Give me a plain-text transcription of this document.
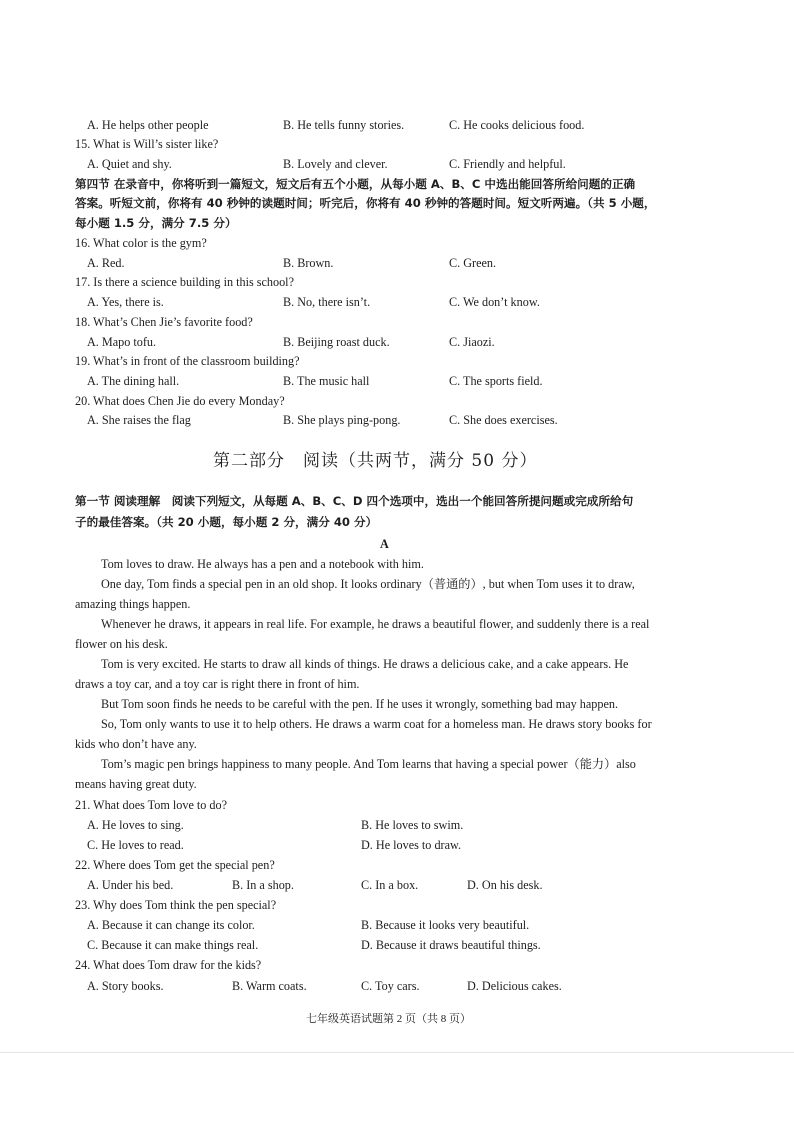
A. He helps other people	B. He tells funny stories.	C. He cooks delicious food.
15. What is Will’s sister like?
A. Quiet and shy.	B. Lovely and clever.	C. Friendly and helpful.
第四节 在录音中，你将听到一篇短文，短文后有五个小题，从每小题 A、B、C 中选出能回答所给问题的正确
答案。听短文前，你将有 40 秒钟的读题时间；听完后，你将有 40 秒钟的答题时间。短文听两遍。（共 5 小题，
每小题 1.5 分，满分 7.5 分）
16. What color is the gym?
A. Red.	B. Brown.	C. Green.
17. Is there a science building in this school?
A. Yes, there is.	B. No, there isn’t.	C. We don’t know.
18. What’s Chen Jie’s favorite food?
A. Mapo tofu.	B. Beijing roast duck.	C. Jiaozi.
19. What’s in front of the classroom building?
A. The dining hall.	B. The music hall	C. The sports field.
20. What does Chen Jie do every Monday?
A. She raises the flag	B. She plays ping-pong.	C. She does exercises.
第二部分　阅读（共两节，满分 50 分）
第一节 阅读理解　阅读下列短文，从每题 A、B、C、D 四个选项中，选出一个能回答所提问题或完成所给句
子的最佳答案。（共 20 小题，每小题 2 分，满分 40 分）
A
Tom loves to draw. He always has a pen and a notebook with him.
One day, Tom finds a special pen in an old shop. It looks ordinary（普通的）, but when Tom uses it to draw,
amazing things happen.
Whenever he draws, it appears in real life. For example, he draws a beautiful flower, and suddenly there is a real
flower on his desk.
Tom is very excited. He starts to draw all kinds of things. He draws a delicious cake, and a cake appears. He
draws a toy car, and a toy car is right there in front of him.
But Tom soon finds he needs to be careful with the pen. If he uses it wrongly, something bad may happen.
So, Tom only wants to use it to help others. He draws a warm coat for a homeless man. He draws story books for
kids who don’t have any.
Tom’s magic pen brings happiness to many people. And Tom learns that having a special power（能力）also
means having great duty.
21. What does Tom love to do?
A. He loves to sing.	B. He loves to swim.
C. He loves to read.	D. He loves to draw.
22. Where does Tom get the special pen?
A. Under his bed.	B. In a shop.	C. In a box.	D. On his desk.
23. Why does Tom think the pen special?
A. Because it can change its color.	B. Because it looks very beautiful.
C. Because it can make things real.	D. Because it draws beautiful things.
24. What does Tom draw for the kids?
A. Story books.	B. Warm coats.	C. Toy cars.	D. Delicious cakes.
七年级英语试题第 2 页（共 8 页）
